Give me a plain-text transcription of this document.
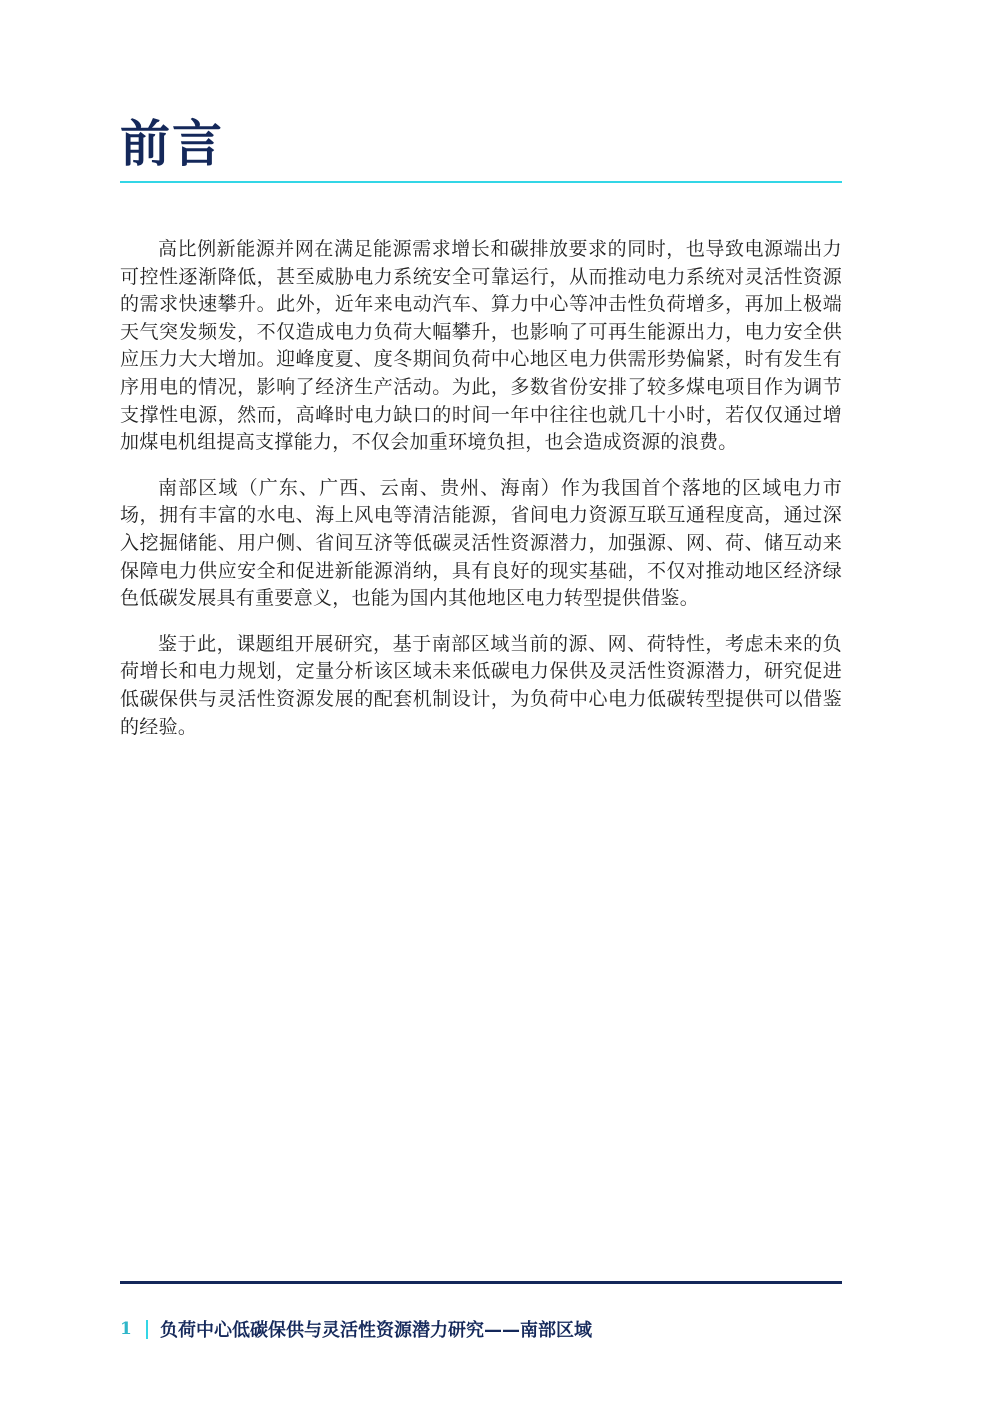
前言

高比例新能源并网在满足能源需求增长和碳排放要求的同时，也导致电源端出力可控性逐渐降低，甚至威胁电力系统安全可靠运行，从而推动电力系统对灵活性资源的需求快速攀升。此外，近年来电动汽车、算力中心等冲击性负荷增多，再加上极端天气突发频发，不仅造成电力负荷大幅攀升，也影响了可再生能源出力，电力安全供应压力大大增加。迎峰度夏、度冬期间负荷中心地区电力供需形势偏紧，时有发生有序用电的情况，影响了经济生产活动。为此，多数省份安排了较多煤电项目作为调节支撑性电源，然而，高峰时电力缺口的时间一年中往往也就几十小时，若仅仅通过增加煤电机组提高支撑能力，不仅会加重环境负担，也会造成资源的浪费。

南部区域（广东、广西、云南、贵州、海南）作为我国首个落地的区域电力市场，拥有丰富的水电、海上风电等清洁能源，省间电力资源互联互通程度高，通过深入挖掘储能、用户侧、省间互济等低碳灵活性资源潜力，加强源、网、荷、储互动来保障电力供应安全和促进新能源消纳，具有良好的现实基础，不仅对推动地区经济绿色低碳发展具有重要意义，也能为国内其他地区电力转型提供借鉴。

鉴于此，课题组开展研究，基于南部区域当前的源、网、荷特性，考虑未来的负荷增长和电力规划，定量分析该区域未来低碳电力保供及灵活性资源潜力，研究促进低碳保供与灵活性资源发展的配套机制设计，为负荷中心电力低碳转型提供可以借鉴的经验。

1 负荷中心低碳保供与灵活性资源潜力研究——南部区域
